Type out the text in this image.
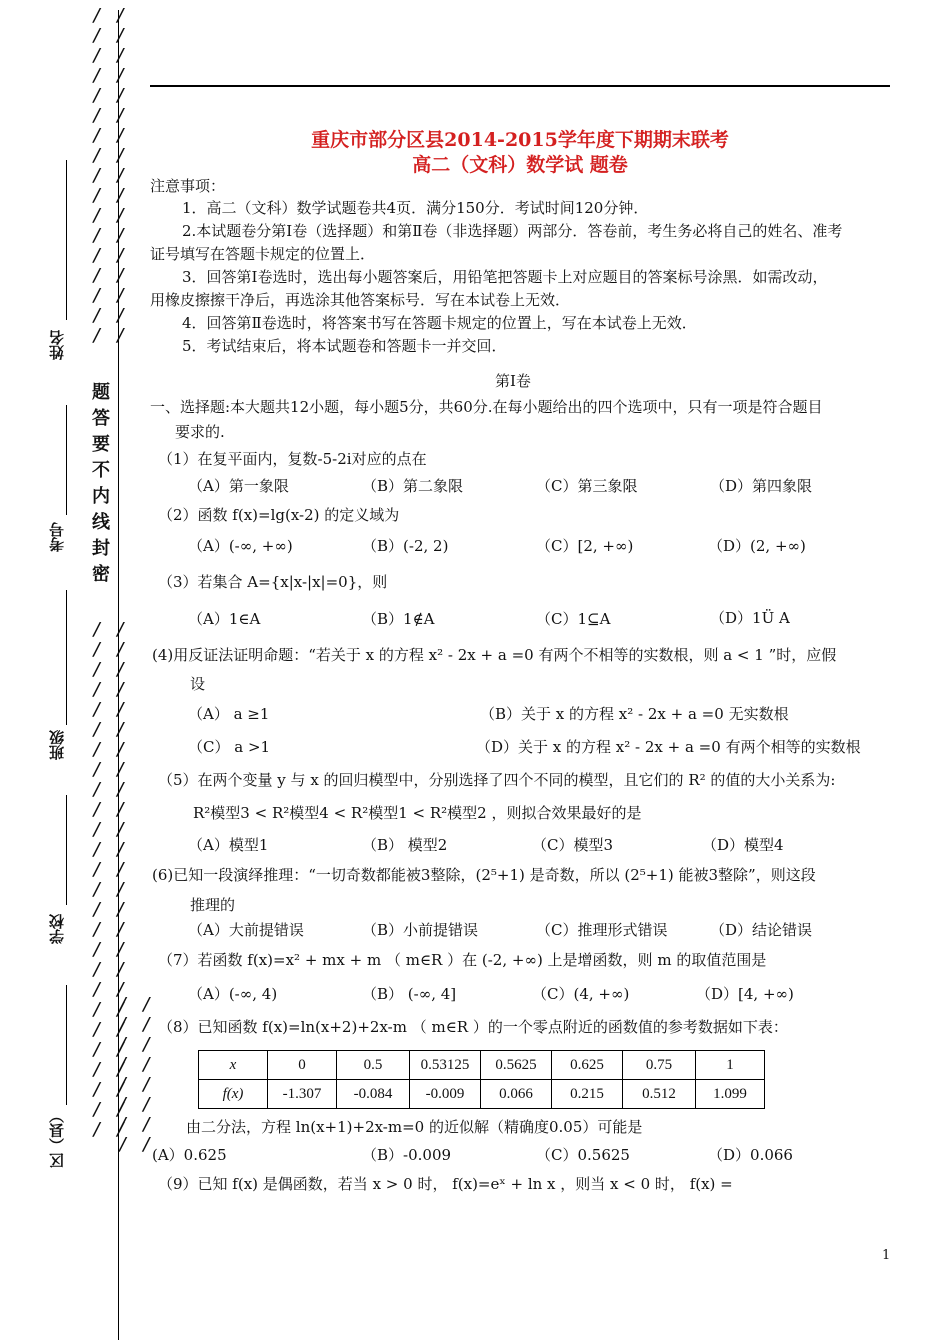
/ /
/ /
/ /
/ /
/ /
/ /
/ /
/ /
/ /
/ /
/ /
/ /
/ /
/ /
/ /
/ /
/ /
题
答
要
不
内
线
封
密
/ /
/ /
/ /
/ /
/ /
/ /
/ /
/ /
/ /
/ /
/ /
/ /
/ /
/ /
/ /
/ /
/ /
/ /
/ /
/ /
/ /
/ /
/ /
/ /
/ /
/ /
/ /
/ /
/ /
/ /
/ /
/ /
/ /
/ /
姓名
考号
班级
学校
区（县）
重庆市部分区县2014-2015学年度下期期末联考
高二（文科）数学试 题卷
注意事项：
1．高二（文科）数学试题卷共4页．满分150分．考试时间120分钟．
2.本试题卷分第Ⅰ卷（选择题）和第Ⅱ卷（非选择题）两部分．答卷前，考生务必将自己的姓名、准考
证号填写在答题卡规定的位置上．
3．回答第Ⅰ卷选时，选出每小题答案后，用铅笔把答题卡上对应题目的答案标号涂黑．如需改动，
用橡皮擦擦干净后，再选涂其他答案标号．写在本试卷上无效．
4．回答第Ⅱ卷选时，将答案书写在答题卡规定的位置上，写在本试卷上无效．
5．考试结束后，将本试题卷和答题卡一并交回．
第Ⅰ卷
一、选择题:本大题共12小题，每小题5分，共60分.在每小题给出的四个选项中，只有一项是符合题目
要求的.
（1）在复平面内，复数-5-2i对应的点在
（A）第一象限	（B）第二象限	（C）第三象限	（D）第四象限
（2）函数 f(x)=lg(x-2) 的定义域为
（A）(-∞, +∞)	（B）(-2, 2)	（C）[2, +∞)	（D）(2, +∞)
（3）若集合 A={x|x-|x|=0}，则
（A）1∈A	（B）1∉A	（C）1⊆A	（D）1Ü A
(4)用反证法证明命题：“若关于 x 的方程 x² - 2x + a =0 有两个不相等的实数根，则 a < 1 ”时，应假
设
（A） a ≥1	（B）关于 x 的方程 x² - 2x + a =0 无实数根
（C） a >1	（D）关于 x 的方程 x² - 2x + a =0 有两个相等的实数根
（5）在两个变量 y 与 x 的回归模型中，分别选择了四个不同的模型，且它们的 R² 的值的大小关系为:
R²模型3 < R²模型4 < R²模型1 < R²模型2 ，则拟合效果最好的是
（A）模型1	（B） 模型2	（C）模型3	（D）模型4
(6)已知一段演绎推理：“一切奇数都能被3整除，(2⁵+1) 是奇数，所以 (2⁵+1) 能被3整除”，则这段
推理的
（A）大前提错误	（B）小前提错误	（C）推理形式错误	（D）结论错误
（7）若函数 f(x)=x² + mx + m （ m∈R ）在 (-2, +∞) 上是增函数，则 m 的取值范围是
（A）(-∞, 4)	（B） (-∞, 4]	（C）(4, +∞)	（D）[4, +∞)
（8）已知函数 f(x)=ln(x+2)+2x-m （ m∈R ）的一个零点附近的函数值的参考数据如下表：
x	0	0.5	0.53125	0.5625	0.625	0.75	1
f(x)	-1.307	-0.084	-0.009	0.066	0.215	0.512	1.099
由二分法，方程 ln(x+1)+2x-m=0 的近似解（精确度0.05）可能是
(A）0.625	（B）-0.009	（C）0.5625	（D）0.066
（9）已知 f(x) 是偶函数，若当 x > 0 时， f(x)=eˣ + ln x ，则当 x < 0 时， f(x) =
1
